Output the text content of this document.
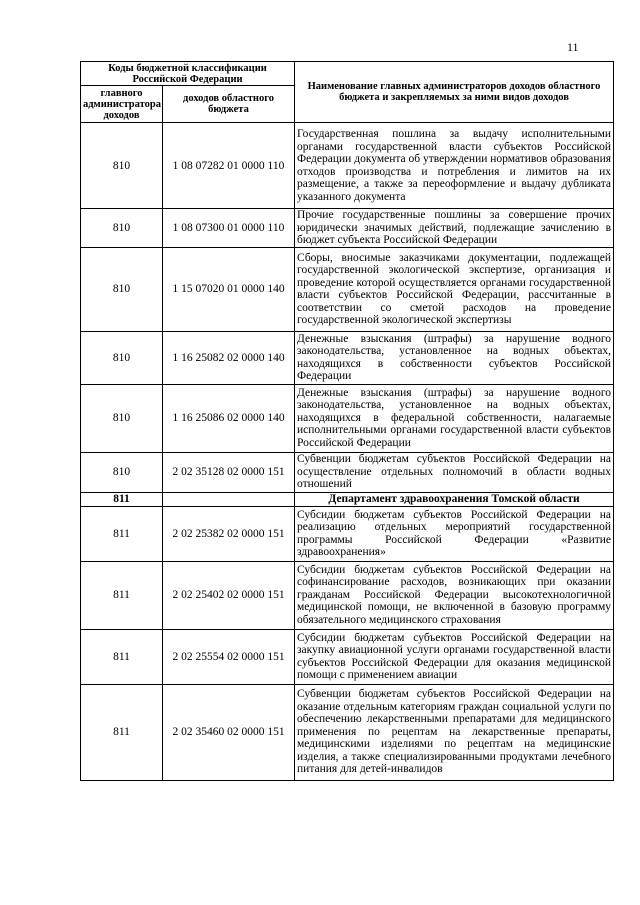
11
Коды бюджетной классификации Российской Федерации		Наименование главных администраторов доходов областного бюджета и закрепляемых за ними видов доходов
главного администратора доходов	доходов областного бюджета	
810	1 08 07282 01 0000 110	Государственная пошлина за выдачу исполнительными органами государственной власти субъектов Российской Федерации документа об утверждении нормативов образования отходов производства и потребления и лимитов на их размещение, а также за переоформление и выдачу дубликата указанного документа
810	1 08 07300 01 0000 110	Прочие государственные пошлины за совершение прочих юридически значимых действий, подлежащие зачислению в бюджет субъекта Российской Федерации
810	1 15 07020 01 0000 140	Сборы, вносимые заказчиками документации, подлежащей государственной экологической экспертизе, организация и проведение которой осуществляется органами государственной власти субъектов Российской Федерации, рассчитанные в соответствии со сметой расходов на проведение государственной экологической экспертизы
810	1 16 25082 02 0000 140	Денежные взыскания (штрафы) за нарушение водного законодательства, установленное на водных объектах, находящихся в собственности субъектов Российской Федерации
810	1 16 25086 02 0000 140	Денежные взыскания (штрафы) за нарушение водного законодательства, установленное на водных объектах, находящихся в федеральной собственности, налагаемые исполнительными органами государственной власти субъектов Российской Федерации
810	2 02 35128 02 0000 151	Субвенции бюджетам субъектов Российской Федерации на осуществление отдельных полномочий в области водных отношений
811		Департамент здравоохранения Томской области
811	2 02 25382 02 0000 151	Субсидии бюджетам субъектов Российской Федерации на реализацию отдельных мероприятий государственной программы Российской Федерации «Развитие здравоохранения»
811	2 02 25402 02 0000 151	Субсидии бюджетам субъектов Российской Федерации на софинансирование расходов, возникающих при оказании гражданам Российской Федерации высокотехнологичной медицинской помощи, не включенной в базовую программу обязательного медицинского страхования
811	2 02 25554 02 0000 151	Субсидии бюджетам субъектов Российской Федерации на закупку авиационной услуги органами государственной власти субъектов Российской Федерации для оказания медицинской помощи с применением авиации
811	2 02 35460 02 0000 151	Субвенции бюджетам субъектов Российской Федерации на оказание отдельным категориям граждан социальной услуги по обеспечению лекарственными препаратами для медицинского применения по рецептам на лекарственные препараты, медицинскими изделиями по рецептам на медицинские изделия, а также специализированными продуктами лечебного питания для детей-инвалидов
